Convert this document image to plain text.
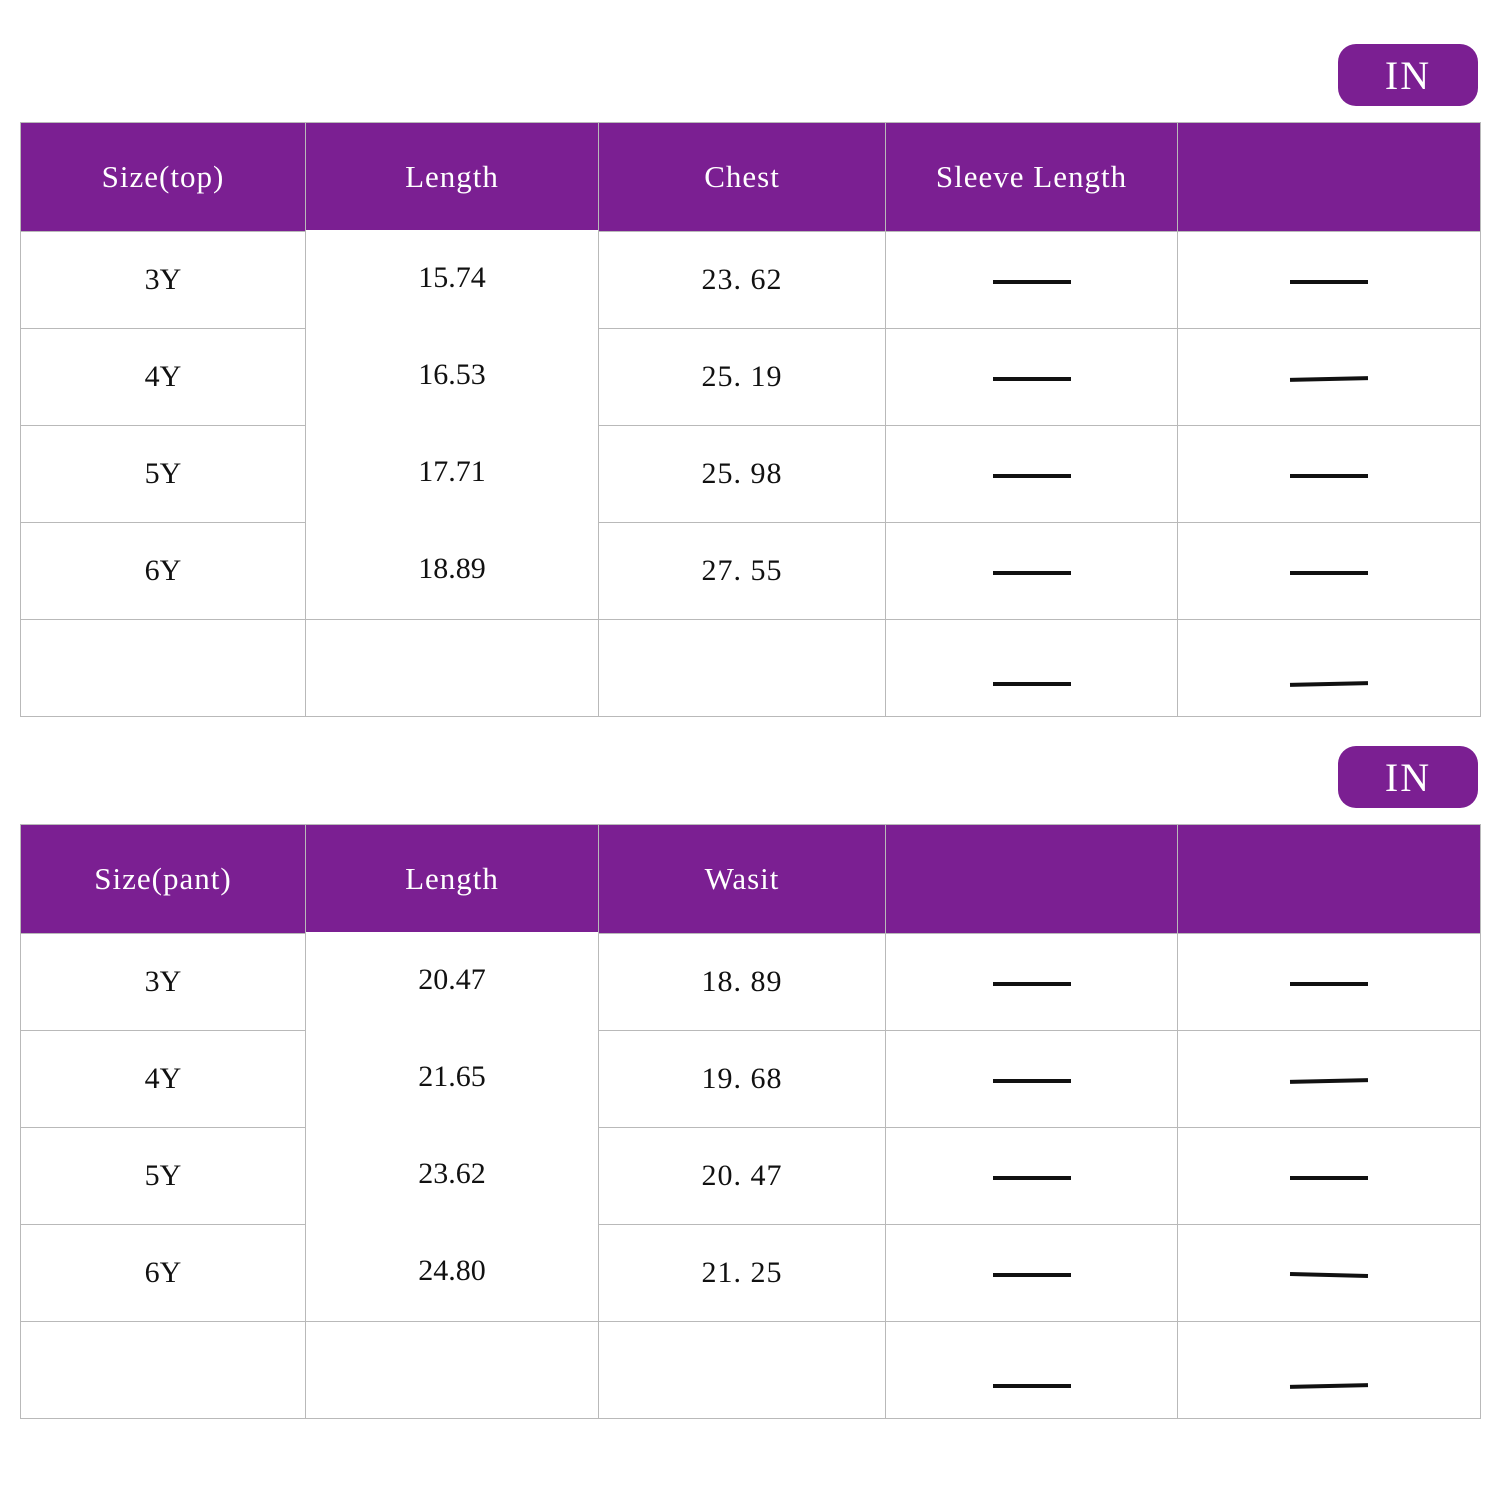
IN
Size(top)	Length	Chest	Sleeve Length	
3Y	15.74	23. 62		
4Y	16.53	25. 19		
5Y	17.71	25. 98		
6Y	18.89	27. 55		

IN
Size(pant)	Length	Wasit		
3Y	20.47	18. 89		
4Y	21.65	19. 68		
5Y	23.62	20. 47		
6Y	24.80	21. 25		
